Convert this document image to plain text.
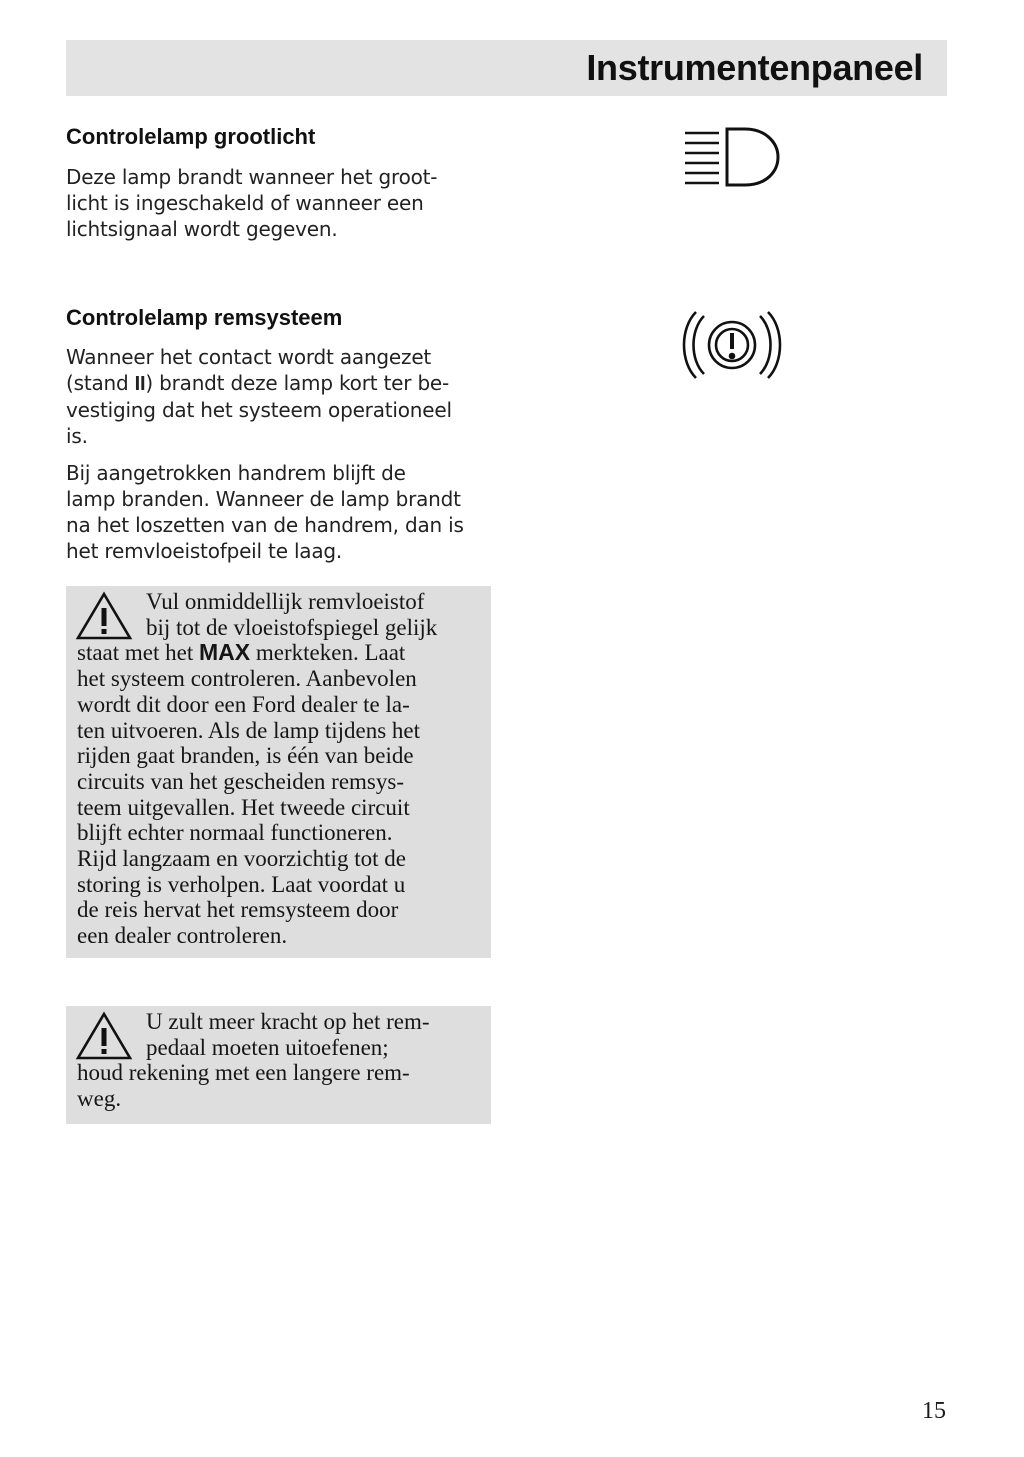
Instrumentenpaneel
Controlelamp grootlicht

Deze lamp brandt wanneer het groot-
licht is ingeschakeld of wanneer een
lichtsignaal wordt gegeven.

Controlelamp remsysteem

Wanneer het contact wordt aangezet
(stand II) brandt deze lamp kort ter be-
vestiging dat het systeem operationeel
is.

Bij aangetrokken handrem blijft de
lamp branden. Wanneer de lamp brandt
na het loszetten van de handrem, dan is
het remvloeistofpeil te laag.

Vul onmiddellijk remvloeistof
bij tot de vloeistofspiegel gelijk
staat met het MAX merkteken. Laat
het systeem controleren. Aanbevolen
wordt dit door een Ford dealer te la-
ten uitvoeren. Als de lamp tijdens het
rijden gaat branden, is één van beide
circuits van het gescheiden remsys-
teem uitgevallen. Het tweede circuit
blijft echter normaal functioneren.
Rijd langzaam en voorzichtig tot de
storing is verholpen. Laat voordat u
de reis hervat het remsysteem door
een dealer controleren.
U zult meer kracht op het rem-
pedaal moeten uitoefenen;
houd rekening met een langere rem-
weg.
15
